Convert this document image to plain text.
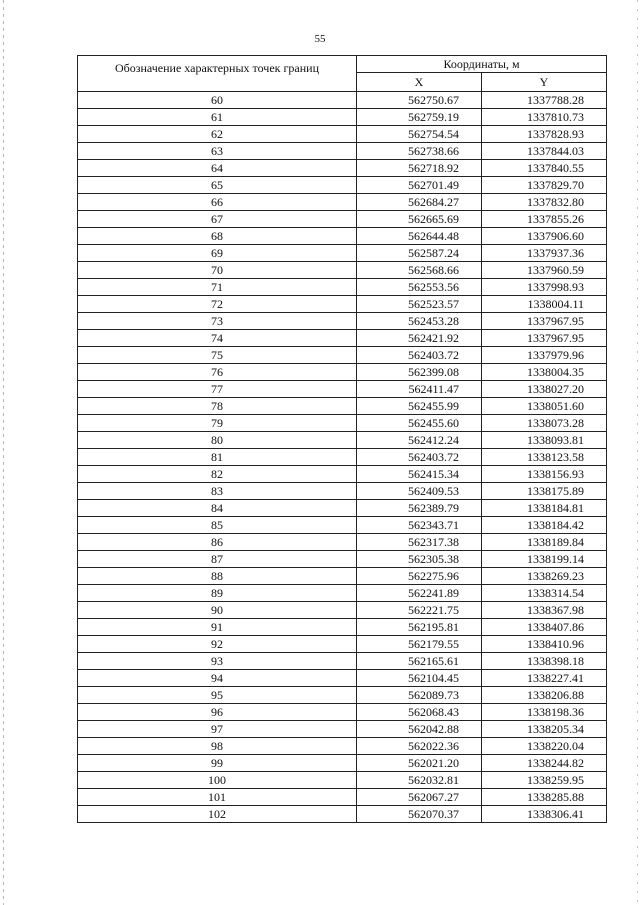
55
Обозначение характерных точек границ	Координаты, м	
	X	Y
60	562750.67	1337788.28
61	562759.19	1337810.73
62	562754.54	1337828.93
63	562738.66	1337844.03
64	562718.92	1337840.55
65	562701.49	1337829.70
66	562684.27	1337832.80
67	562665.69	1337855.26
68	562644.48	1337906.60
69	562587.24	1337937.36
70	562568.66	1337960.59
71	562553.56	1337998.93
72	562523.57	1338004.11
73	562453.28	1337967.95
74	562421.92	1337967.95
75	562403.72	1337979.96
76	562399.08	1338004.35
77	562411.47	1338027.20
78	562455.99	1338051.60
79	562455.60	1338073.28
80	562412.24	1338093.81
81	562403.72	1338123.58
82	562415.34	1338156.93
83	562409.53	1338175.89
84	562389.79	1338184.81
85	562343.71	1338184.42
86	562317.38	1338189.84
87	562305.38	1338199.14
88	562275.96	1338269.23
89	562241.89	1338314.54
90	562221.75	1338367.98
91	562195.81	1338407.86
92	562179.55	1338410.96
93	562165.61	1338398.18
94	562104.45	1338227.41
95	562089.73	1338206.88
96	562068.43	1338198.36
97	562042.88	1338205.34
98	562022.36	1338220.04
99	562021.20	1338244.82
100	562032.81	1338259.95
101	562067.27	1338285.88
102	562070.37	1338306.41
